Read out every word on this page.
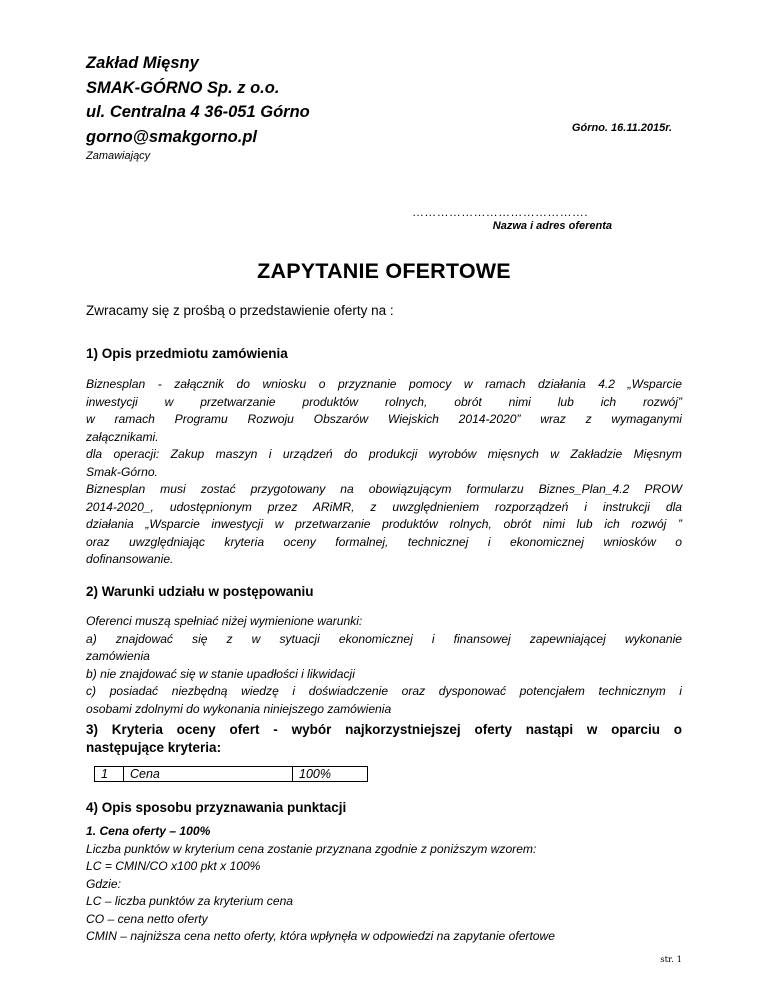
Zakład Mięsny
SMAK-GÓRNO Sp. z o.o.
ul. Centralna 4 36-051 Górno
gorno@smakgorno.pl
Zamawiający
Górno. 16.11.2015r.
…………………………………….
Nazwa i adres oferenta
ZAPYTANIE OFERTOWE
Zwracamy się z prośbą o przedstawienie oferty na :
1) Opis przedmiotu zamówienia
Biznesplan - załącznik do wniosku o przyznanie pomocy w ramach działania 4.2 „Wsparcie
inwestycji w przetwarzanie produktów rolnych, obrót nimi lub ich rozwój”
w ramach Programu Rozwoju Obszarów Wiejskich 2014-2020” wraz z wymaganymi
załącznikami.
dla operacji: Zakup maszyn i urządzeń do produkcji wyrobów mięsnych w Zakładzie Mięsnym
Smak-Górno.
Biznesplan musi zostać przygotowany na obowiązującym formularzu Biznes_Plan_4.2 PROW
2014-2020_, udostępnionym przez ARiMR, z uwzględnieniem rozporządzeń i instrukcji dla
działania „Wsparcie inwestycji w przetwarzanie produktów rolnych, obrót nimi lub ich rozwój ”
oraz uwzględniając kryteria oceny formalnej, technicznej i ekonomicznej wniosków o
dofinansowanie.
2) Warunki udziału w postępowaniu
Oferenci muszą spełniać niżej wymienione warunki:
a) znajdować się z w sytuacji ekonomicznej i finansowej zapewniającej wykonanie
zamówienia
b) nie znajdować się w stanie upadłości i likwidacji
c) posiadać niezbędną wiedzę i doświadczenie oraz dysponować potencjałem technicznym i
osobami zdolnymi do wykonania niniejszego zamówienia
3) Kryteria oceny ofert - wybór najkorzystniejszej oferty nastąpi w oparciu o
następujące kryteria:
1	Cena	100%
4) Opis sposobu przyznawania punktacji
1. Cena oferty – 100%
Liczba punktów w kryterium cena zostanie przyznana zgodnie z poniższym wzorem:
LC = CMIN/CO x100 pkt x 100%
Gdzie:
LC – liczba punktów za kryterium cena
CO – cena netto oferty
CMIN – najniższa cena netto oferty, która wpłynęła w odpowiedzi na zapytanie ofertowe
str. 1
